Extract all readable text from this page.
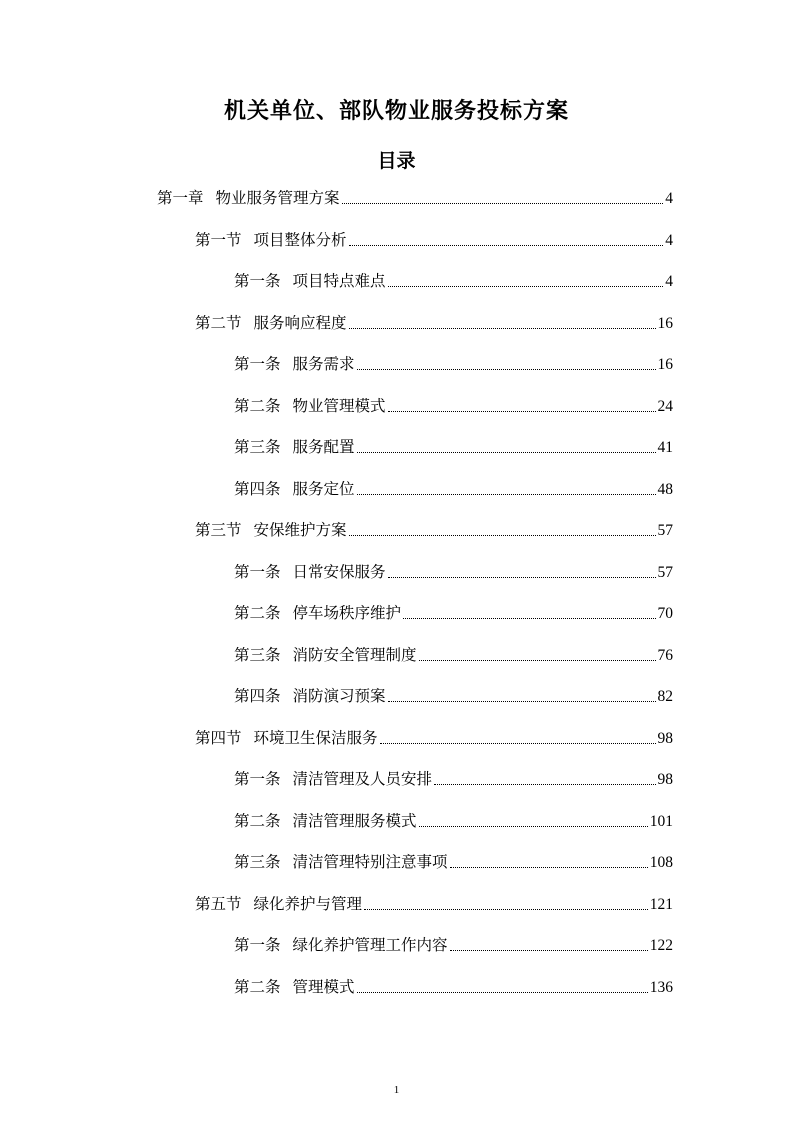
机关单位、部队物业服务投标方案
目录
第一章 物业服务管理方案	4
第一节 项目整体分析	4
第一条 项目特点难点	4
第二节 服务响应程度	16
第一条 服务需求	16
第二条 物业管理模式	24
第三条 服务配置	41
第四条 服务定位	48
第三节 安保维护方案	57
第一条 日常安保服务	57
第二条 停车场秩序维护	70
第三条 消防安全管理制度	76
第四条 消防演习预案	82
第四节 环境卫生保洁服务	98
第一条 清洁管理及人员安排	98
第二条 清洁管理服务模式	101
第三条 清洁管理特别注意事项	108
第五节 绿化养护与管理	121
第一条 绿化养护管理工作内容	122
第二条 管理模式	136
1
